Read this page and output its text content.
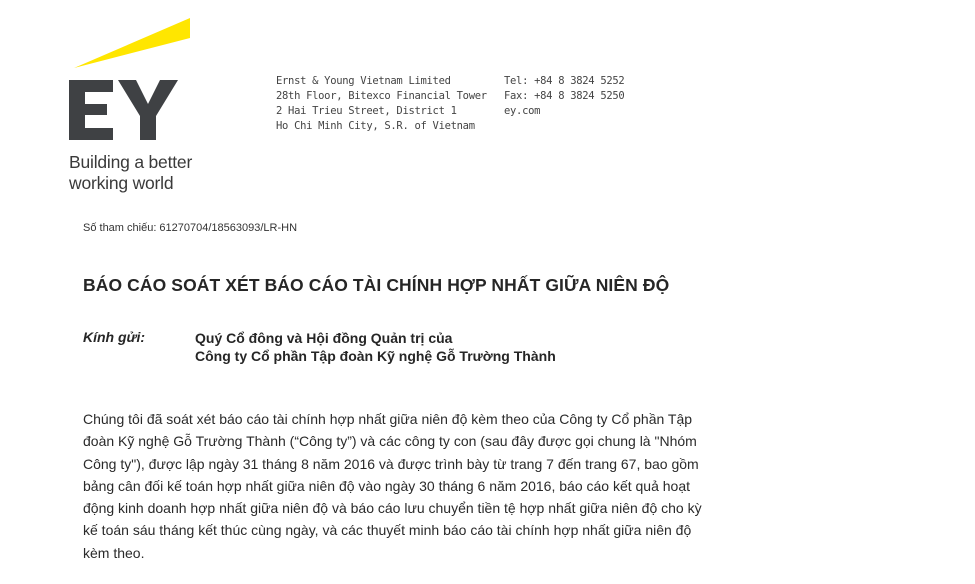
Building a better
working world
Ernst & Young Vietnam Limited
28th Floor, Bitexco Financial Tower
2 Hai Trieu Street, District 1
Ho Chi Minh City, S.R. of Vietnam
Tel: +84 8 3824 5252
Fax: +84 8 3824 5250
ey.com
Số tham chiếu: 61270704/18563093/LR-HN
BÁO CÁO SOÁT XÉT BÁO CÁO TÀI CHÍNH HỢP NHẤT GIỮA NIÊN ĐỘ
Kính gửi:	Quý Cổ đông và Hội đồng Quản trị của
Công ty Cổ phần Tập đoàn Kỹ nghệ Gỗ Trường Thành
Chúng tôi đã soát xét báo cáo tài chính hợp nhất giữa niên độ kèm theo của Công ty Cổ phần Tập
đoàn Kỹ nghệ Gỗ Trường Thành (“Công ty”) và các công ty con (sau đây được gọi chung là "Nhóm
Công ty"), được lập ngày 31 tháng 8 năm 2016 và được trình bày từ trang 7 đến trang 67, bao gồm
bảng cân đối kế toán hợp nhất giữa niên độ vào ngày 30 tháng 6 năm 2016, báo cáo kết quả hoạt
động kinh doanh hợp nhất giữa niên độ và báo cáo lưu chuyển tiền tệ hợp nhất giữa niên độ cho kỳ
kế toán sáu tháng kết thúc cùng ngày, và các thuyết minh báo cáo tài chính hợp nhất giữa niên độ
kèm theo.
